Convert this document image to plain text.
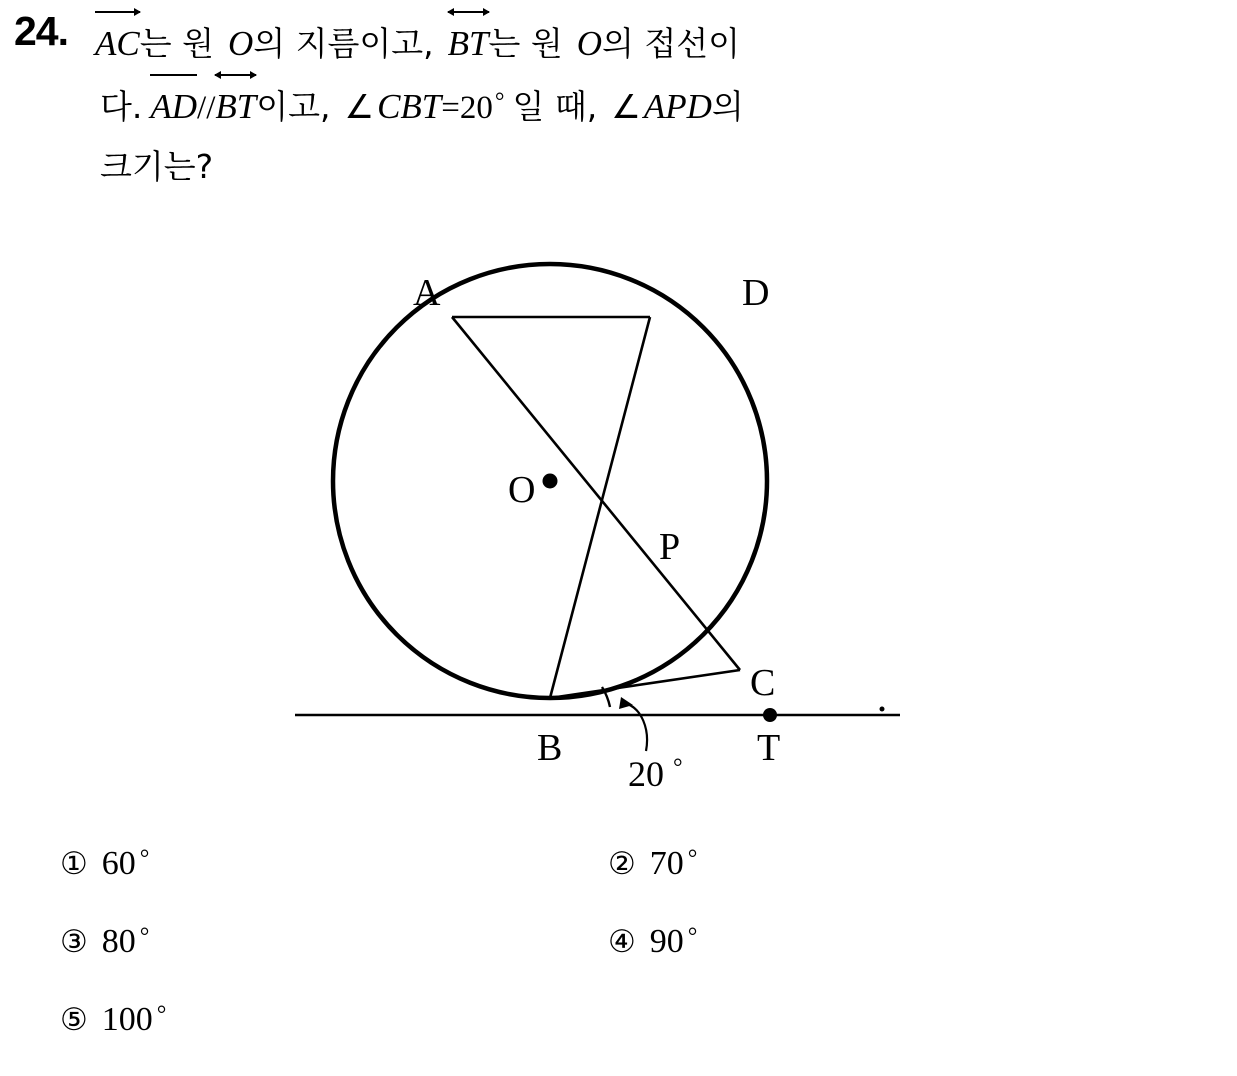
24. AC는 원 O의 지름이고, BT는 원 O의 접선이
다. AD//
BT이고, ∠CBT=20° 일 때, ∠APD의
크기는?
A	D
O
P
C
B	T
20 °
① 60 °	② 70 °
③ 80 °	④ 90 °
⑤ 100 °
